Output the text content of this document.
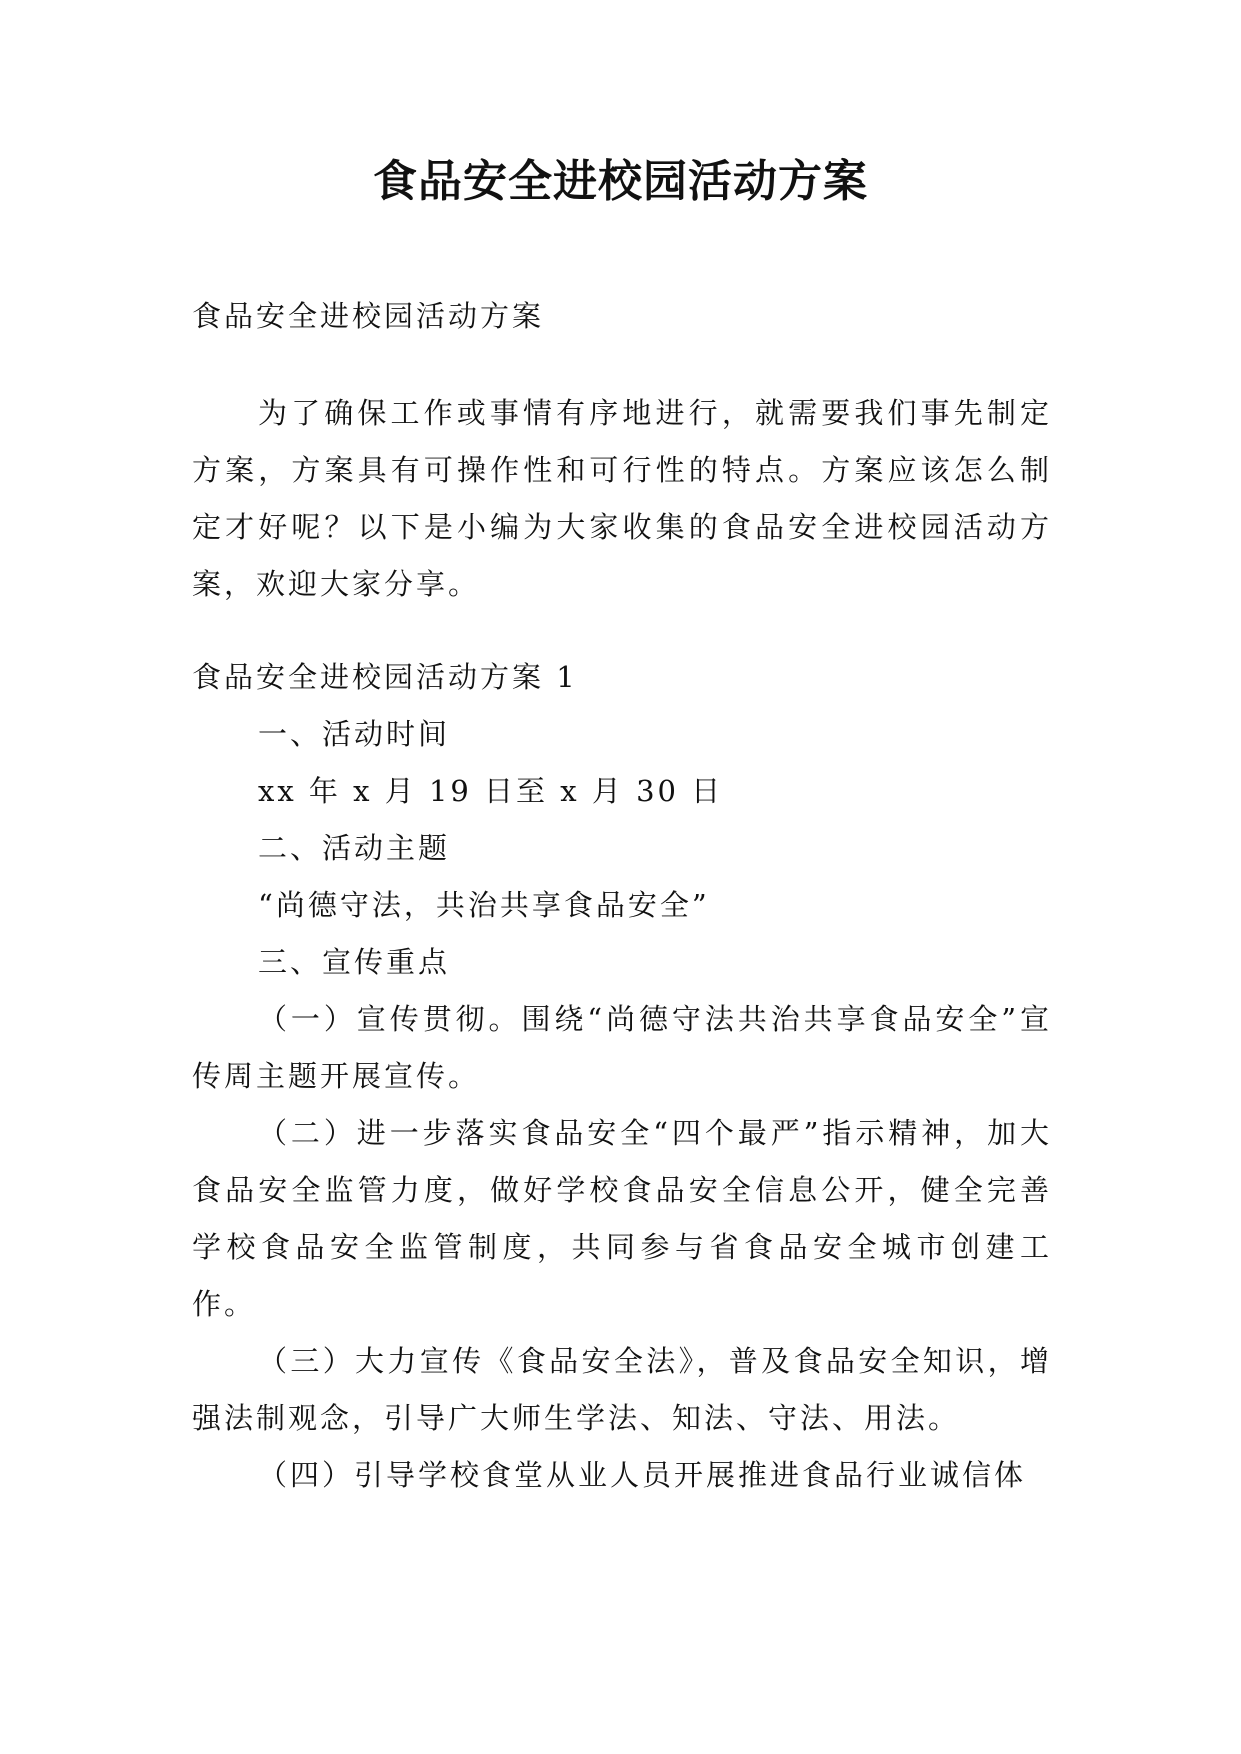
食品安全进校园活动方案

食品安全进校园活动方案

为了确保工作或事情有序地进行，就需要我们事先制定方案，方案具有可操作性和可行性的特点。方案应该怎么制定才好呢？以下是小编为大家收集的食品安全进校园活动方案，欢迎大家分享。

食品安全进校园活动方案 1

一、活动时间

xx 年 x 月 19 日至 x 月 30 日

二、活动主题

“尚德守法，共治共享食品安全”

三、宣传重点

（一）宣传贯彻。围绕“尚德守法共治共享食品安全”宣传周主题开展宣传。

（二）进一步落实食品安全“四个最严”指示精神，加大食品安全监管力度，做好学校食品安全信息公开，健全完善学校食品安全监管制度，共同参与省食品安全城市创建工作。

（三）大力宣传《食品安全法》，普及食品安全知识，增强法制观念，引导广大师生学法、知法、守法、用法。

（四）引导学校食堂从业人员开展推进食品行业诚信体
